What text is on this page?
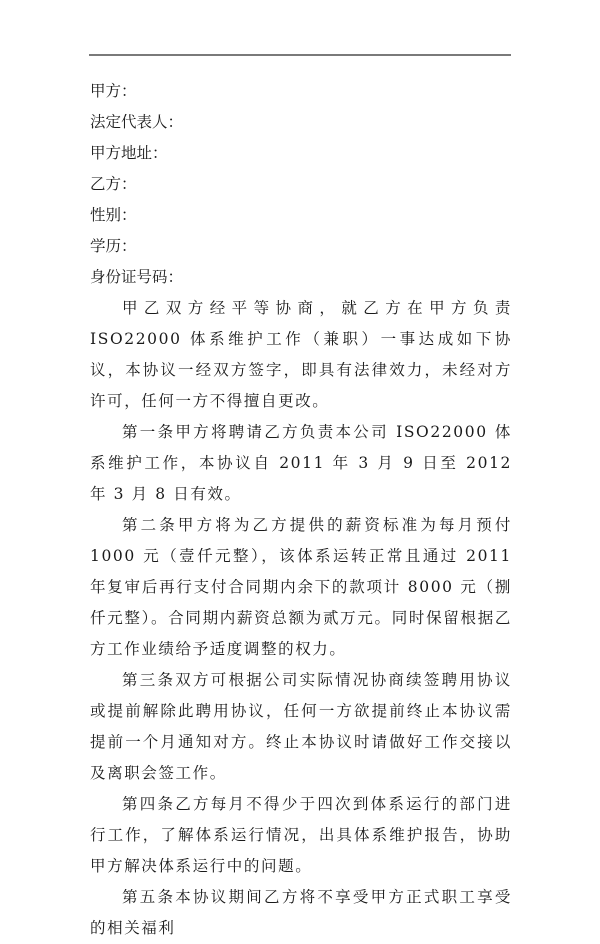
甲方：
法定代表人：
甲方地址：
乙方：
性别：
学历：
身份证号码：

甲乙双方经平等协商，就乙方在甲方负责 ISO22000 体系维护工作（兼职）一事达成如下协议，本协议一经双方签字，即具有法律效力，未经对方许可，任何一方不得擅自更改。

第一条甲方将聘请乙方负责本公司 ISO22000 体系维护工作，本协议自 2011 年 3 月 9 日至 2012 年 3 月 8 日有效。

第二条甲方将为乙方提供的薪资标准为每月预付 1000 元（壹仟元整），该体系运转正常且通过 2011 年复审后再行支付合同期内余下的款项计 8000 元（捌仟元整）。合同期内薪资总额为贰万元。同时保留根据乙方工作业绩给予适度调整的权力。

第三条双方可根据公司实际情况协商续签聘用协议或提前解除此聘用协议，任何一方欲提前终止本协议需提前一个月通知对方。终止本协议时请做好工作交接以及离职会签工作。

第四条乙方每月不得少于四次到体系运行的部门进行工作，了解体系运行情况，出具体系维护报告，协助甲方解决体系运行中的问题。

第五条本协议期间乙方将不享受甲方正式职工享受的相关福利
